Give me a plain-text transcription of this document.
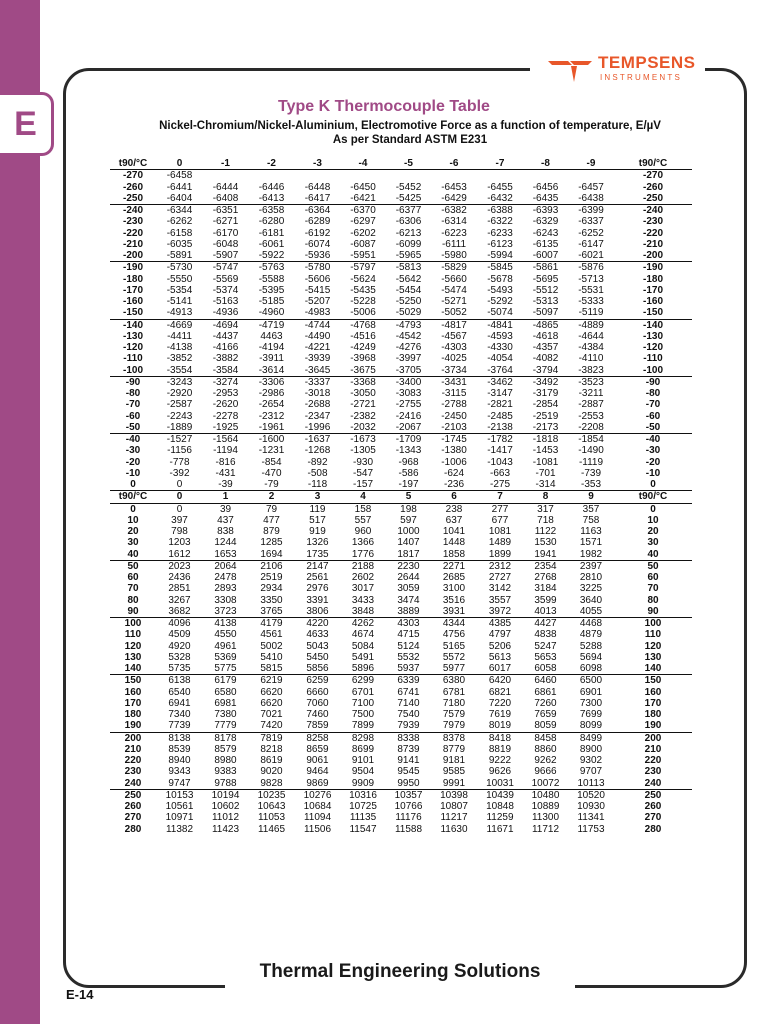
E
TEMPSENS
INSTRUMENTS
Type K Thermocouple Table
Nickel-Chromium/Nickel-Aluminium, Electromotive Force as a function of temperature, E/µV
As per Standard ASTM E231
t90/°C	0	-1	-2	-3	-4	-5	-6	-7	-8	-9	t90/°C
-270	-6458										-270
-260	-6441	-6444	-6446	-6448	-6450	-5452	-6453	-6455	-6456	-6457	-260
-250	-6404	-6408	-6413	-6417	-6421	-5425	-6429	-6432	-6435	-6438	-250
-240	-6344	-6351	-6358	-6364	-6370	-6377	-6382	-6388	-6393	-6399	-240
-230	-6262	-6271	-6280	-6289	-6297	-6306	-6314	-6322	-6329	-6337	-230
-220	-6158	-6170	-6181	-6192	-6202	-6213	-6223	-6233	-6243	-6252	-220
-210	-6035	-6048	-6061	-6074	-6087	-6099	-6111	-6123	-6135	-6147	-210
-200	-5891	-5907	-5922	-5936	-5951	-5965	-5980	-5994	-6007	-6021	-200
-190	-5730	-5747	-5763	-5780	-5797	-5813	-5829	-5845	-5861	-5876	-190
-180	-5550	-5569	-5588	-5606	-5624	-5642	-5660	-5678	-5695	-5713	-180
-170	-5354	-5374	-5395	-5415	-5435	-5454	-5474	-5493	-5512	-5531	-170
-160	-5141	-5163	-5185	-5207	-5228	-5250	-5271	-5292	-5313	-5333	-160
-150	-4913	-4936	-4960	-4983	-5006	-5029	-5052	-5074	-5097	-5119	-150
-140	-4669	-4694	-4719	-4744	-4768	-4793	-4817	-4841	-4865	-4889	-140
-130	-4411	-4437	4463	-4490	-4516	-4542	-4567	-4593	-4618	-4644	-130
-120	-4138	-4166	-4194	-4221	-4249	-4276	-4303	-4330	-4357	-4384	-120
-110	-3852	-3882	-3911	-3939	-3968	-3997	-4025	-4054	-4082	-4110	-110
-100	-3554	-3584	-3614	-3645	-3675	-3705	-3734	-3764	-3794	-3823	-100
-90	-3243	-3274	-3306	-3337	-3368	-3400	-3431	-3462	-3492	-3523	-90
-80	-2920	-2953	-2986	-3018	-3050	-3083	-3115	-3147	-3179	-3211	-80
-70	-2587	-2620	-2654	-2688	-2721	-2755	-2788	-2821	-2854	-2887	-70
-60	-2243	-2278	-2312	-2347	-2382	-2416	-2450	-2485	-2519	-2553	-60
-50	-1889	-1925	-1961	-1996	-2032	-2067	-2103	-2138	-2173	-2208	-50
-40	-1527	-1564	-1600	-1637	-1673	-1709	-1745	-1782	-1818	-1854	-40
-30	-1156	-1194	-1231	-1268	-1305	-1343	-1380	-1417	-1453	-1490	-30
-20	-778	-816	-854	-892	-930	-968	-1006	-1043	-1081	-1119	-20
-10	-392	-431	-470	-508	-547	-586	-624	-663	-701	-739	-10
0	0	-39	-79	-118	-157	-197	-236	-275	-314	-353	0
t90/°C	0	1	2	3	4	5	6	7	8	9	t90/°C
0	0	39	79	119	158	198	238	277	317	357	0
10	397	437	477	517	557	597	637	677	718	758	10
20	798	838	879	919	960	1000	1041	1081	1122	1163	20
30	1203	1244	1285	1326	1366	1407	1448	1489	1530	1571	30
40	1612	1653	1694	1735	1776	1817	1858	1899	1941	1982	40
50	2023	2064	2106	2147	2188	2230	2271	2312	2354	2397	50
60	2436	2478	2519	2561	2602	2644	2685	2727	2768	2810	60
70	2851	2893	2934	2976	3017	3059	3100	3142	3184	3225	70
80	3267	3308	3350	3391	3433	3474	3516	3557	3599	3640	80
90	3682	3723	3765	3806	3848	3889	3931	3972	4013	4055	90
100	4096	4138	4179	4220	4262	4303	4344	4385	4427	4468	100
110	4509	4550	4561	4633	4674	4715	4756	4797	4838	4879	110
120	4920	4961	5002	5043	5084	5124	5165	5206	5247	5288	120
130	5328	5369	5410	5450	5491	5532	5572	5613	5653	5694	130
140	5735	5775	5815	5856	5896	5937	5977	6017	6058	6098	140
150	6138	6179	6219	6259	6299	6339	6380	6420	6460	6500	150
160	6540	6580	6620	6660	6701	6741	6781	6821	6861	6901	160
170	6941	6981	6620	7060	7100	7140	7180	7220	7260	7300	170
180	7340	7380	7021	7460	7500	7540	7579	7619	7659	7699	180
190	7739	7779	7420	7859	7899	7939	7979	8019	8059	8099	190
200	8138	8178	7819	8258	8298	8338	8378	8418	8458	8499	200
210	8539	8579	8218	8659	8699	8739	8779	8819	8860	8900	210
220	8940	8980	8619	9061	9101	9141	9181	9222	9262	9302	220
230	9343	9383	9020	9464	9504	9545	9585	9626	9666	9707	230
240	9747	9788	9828	9869	9909	9950	9991	10031	10072	10113	240
250	10153	10194	10235	10276	10316	10357	10398	10439	10480	10520	250
260	10561	10602	10643	10684	10725	10766	10807	10848	10889	10930	260
270	10971	11012	11053	11094	11135	11176	11217	11259	11300	11341	270
280	11382	11423	11465	11506	11547	11588	11630	11671	11712	11753	280
Thermal Engineering Solutions
E-14
